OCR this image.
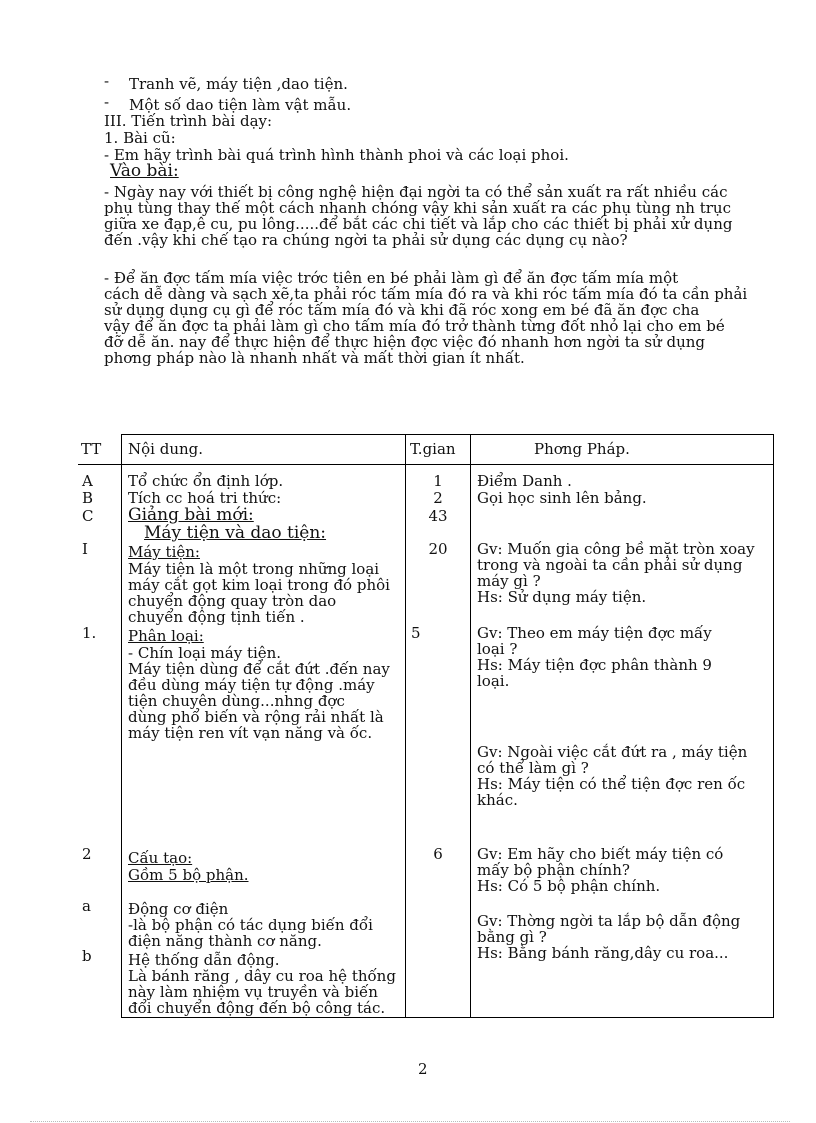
- Tranh vẽ, máy tiện ,dao tiện.
- Một số dao tiện làm vật mẫu.
III. Tiến trình bài dạy:
1. Bài cũ:
- Em hãy trình bài quá trình hình thành phoi và các loại phoi.
Vào bài:
- Ngày nay với thiết bị công nghệ hiện đại ngời ta có thể sản xuất ra rất nhiều các
phụ tùng thay thế một cách nhanh chóng vậy khi sản xuất ra các phụ tùng nh trục
giữa xe đạp,ê cu, pu lông.....để bắt các chi tiết và lắp cho các thiết bị phải xử dụng
đến .vậy khi chế tạo ra chúng ngời ta phải sử dụng các dụng cụ nào?
- Để ăn đợc tấm mía việc trớc tiên en bé phải làm gì để ăn đợc tấm mía một
cách dễ dàng và sạch xẽ,ta phải róc tấm mía đó ra và khi róc tấm mía đó ta cần phải
sử dụng dụng cụ gì để róc tấm mía đó và khi đã róc xong em bé đã ăn đợc cha
vậy để ăn đợc ta phải làm gì cho tấm mía đó trở thành từng đốt nhỏ lại cho em bé
đỡ dễ ăn. nay để thực hiện để thực hiện đợc việc đó nhanh hơn ngời ta sử dụng
phơng pháp nào là nhanh nhất và mất thời gian ít nhất.
TT Nội dung.	T.gian	Phơng Pháp.
A
B
C
I
1.
2
a
b
Tổ chức ổn định lớp.
Tích cc hoá tri thức:
Giảng bài mới:
Máy tiện và dao tiện:
Máy tiện:
Máy tiện là một trong những loại
máy cắt gọt kim loại trong đó phôi
chuyển động quay tròn dao
chuyển động tịnh tiến .
Phân loại:
- Chín loại máy tiện.
Máy tiện dùng để cắt đứt .đến nay
đều dùng máy tiện tự động .máy
tiện chuyên dùng...nhng đợc
dùng phổ biến và rộng rải nhất là
máy tiện ren vít vạn năng và ốc.
Cấu tạo:
Gồm 5 bộ phận.
Động cơ điện
-là bộ phận có tác dụng biến đổi
điện năng thành cơ năng.
Hệ thống dẫn động.
Là bánh răng , dây cu roa hệ thống
này làm nhiệm vụ truyền và biến
đổi chuyển động đến bộ công tác.
1
2
43
20
5
6
Điểm Danh .
Gọi học sinh lên bảng.
Gv: Muốn gia công bề mặt tròn xoay
trong và ngoài ta cần phải sử dụng
máy gì ?
Hs: Sử dụng máy tiện.
Gv: Theo em máy tiện đợc mấy
loại ?
Hs: Máy tiện đợc phân thành 9
loại.
Gv: Ngoài việc cắt đứt ra , máy tiện
có thể làm gì ?
Hs: Máy tiện có thể tiện đợc ren ốc
khác.
Gv: Em hãy cho biết máy tiện có
mấy bộ phận chính?
Hs: Có 5 bộ phận chính.
Gv: Thờng ngời ta lắp bộ dẫn động
bằng gì ?
Hs: Bằng bánh răng,dây cu roa...
2
